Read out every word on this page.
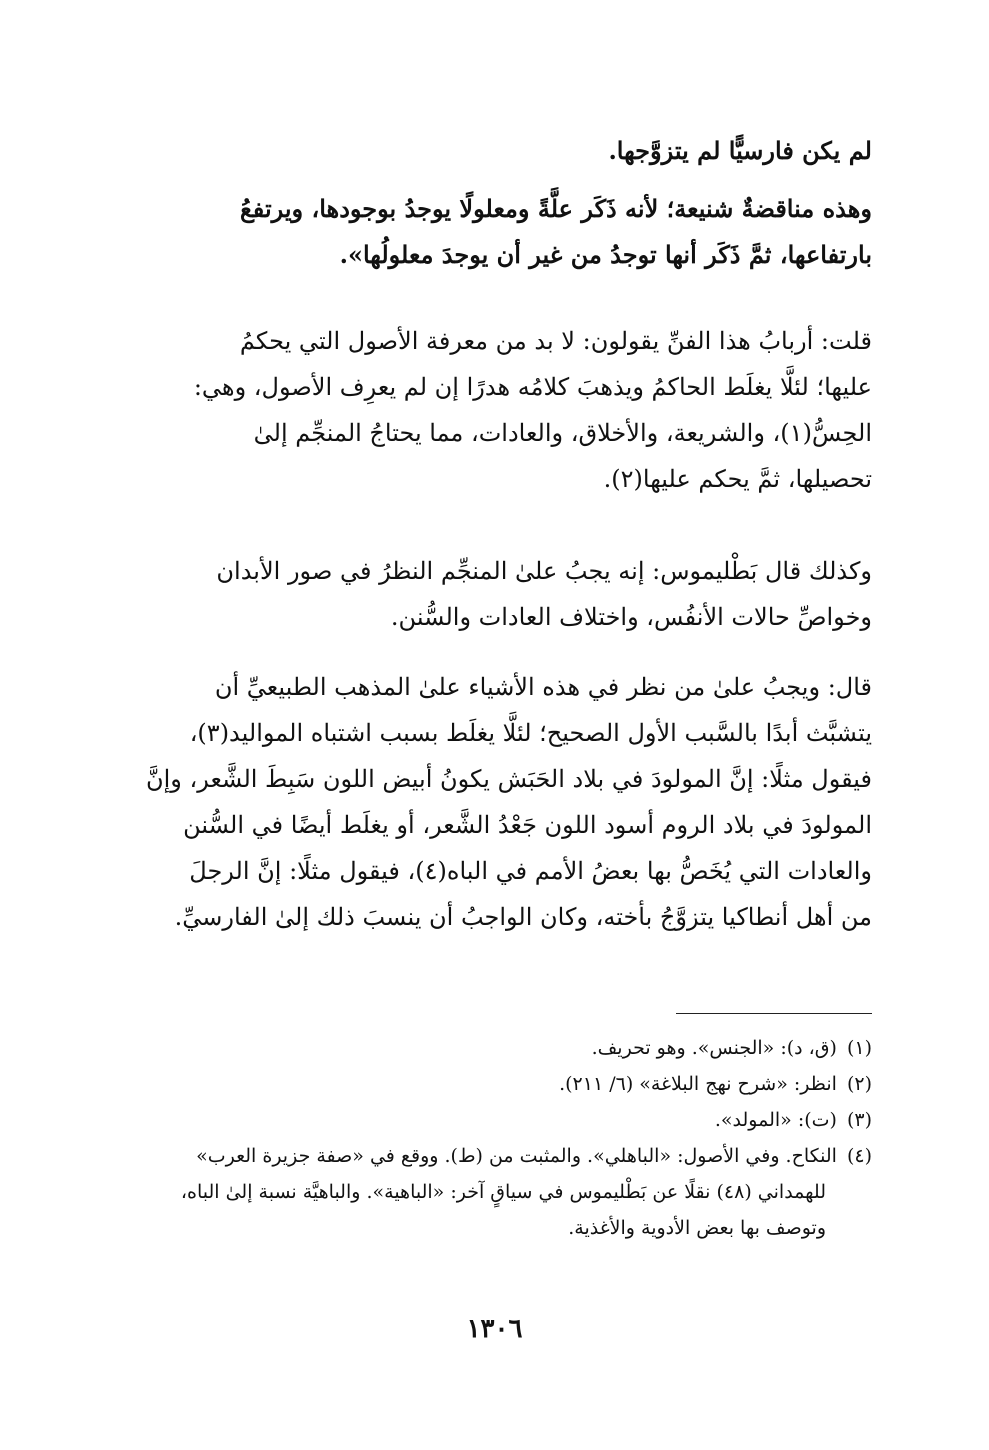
لم يكن فارسيًّا لم يتزوَّجها.
وهذه مناقضةٌ شنيعة؛ لأنه ذَكَر علَّةً ومعلولًا يوجدُ بوجودها، ويرتفعُ
بارتفاعها، ثمَّ ذَكَر أنها توجدُ من غير أن يوجدَ معلولُها».
قلت: أربابُ هذا الفنِّ يقولون: لا بد من معرفة الأصول التي يحكمُ
عليها؛ لئلَّا يغلَط الحاكمُ ويذهبَ كلامُه هدرًا إن لم يعرِف الأصول، وهي:
الحِسُّ(١)، والشريعة، والأخلاق، والعادات، مما يحتاجُ المنجِّم إلىٰ
تحصيلها، ثمَّ يحكم عليها(٢).
وكذلك قال بَطْليموس: إنه يجبُ علىٰ المنجِّم النظرُ في صور الأبدان
وخواصِّ حالات الأنفُس، واختلاف العادات والسُّنن.
قال: ويجبُ علىٰ من نظر في هذه الأشياء علىٰ المذهب الطبيعيِّ أن
يتشبَّث أبدًا بالسَّبب الأول الصحيح؛ لئلَّا يغلَط بسبب اشتباه المواليد(٣)،
فيقول مثلًا: إنَّ المولودَ في بلاد الحَبَش يكونُ أبيض اللون سَبِطَ الشَّعر، وإنَّ
المولودَ في بلاد الروم أسود اللون جَعْدُ الشَّعر، أو يغلَط أيضًا في السُّنن
والعادات التي يُخَصُّ بها بعضُ الأمم في الباه(٤)، فيقول مثلًا: إنَّ الرجلَ
من أهل أنطاكيا يتزوَّجُ بأخته، وكان الواجبُ أن ينسبَ ذلك إلىٰ الفارسيِّ.
(١)(ق، د): «الجنس». وهو تحريف.
(٢)انظر: «شرح نهج البلاغة» (٦/ ٢١١).
(٣)(ت): «المولد».
(٤)النكاح. وفي الأصول: «الباهلي». والمثبت من (ط). ووقع في «صفة جزيرة العرب»
للهمداني (٤٨) نقلًا عن بَطْليموس في سياقٍ آخر: «الباهية». والباهيَّة نسبة إلىٰ الباه،
وتوصف بها بعض الأدوية والأغذية.
١٣٠٦
